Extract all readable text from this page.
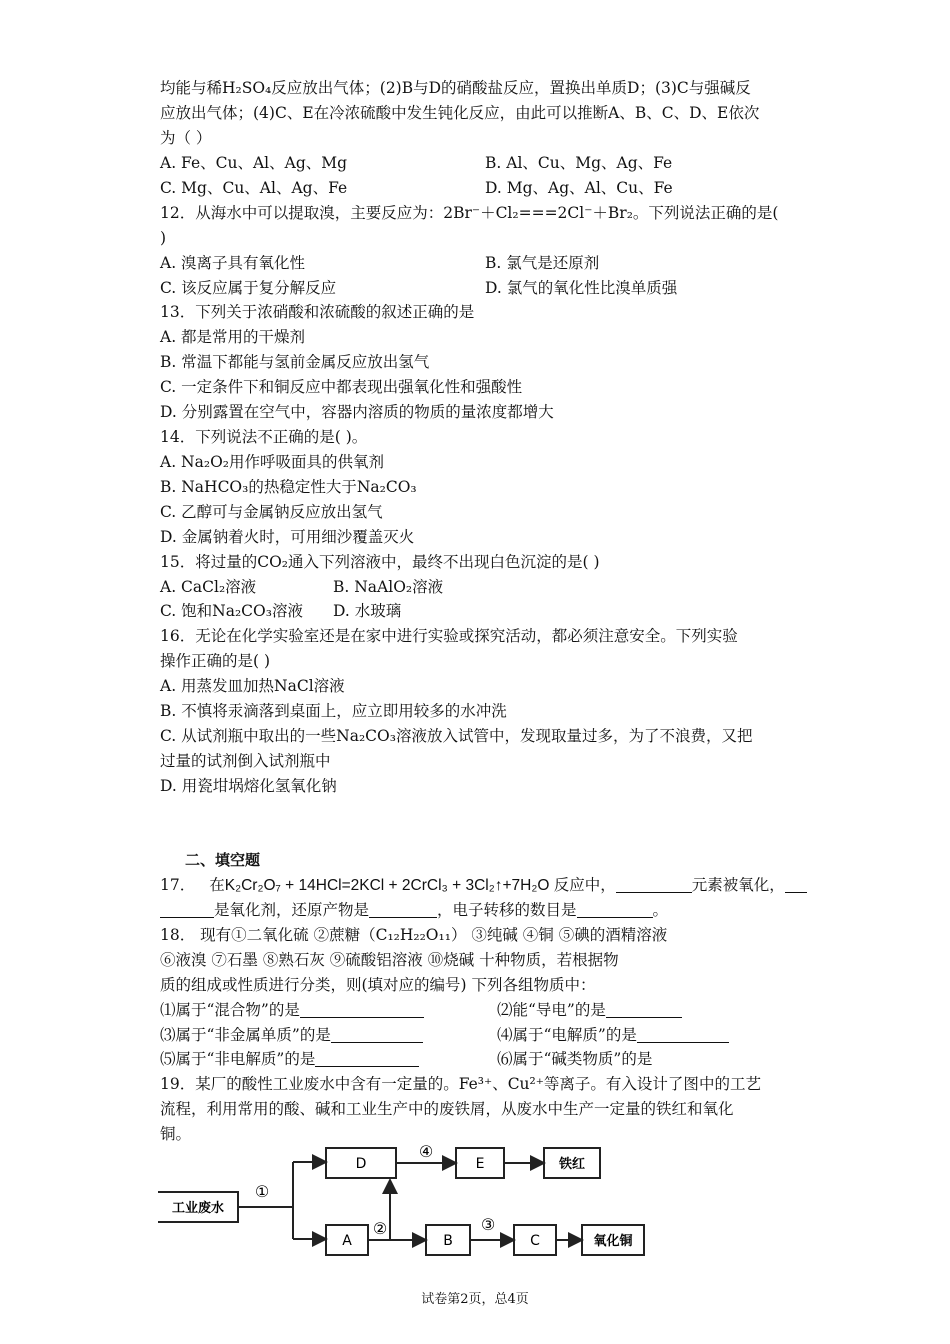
均能与稀H₂SO₄反应放出气体；(2)B与D的硝酸盐反应，置换出单质D；(3)C与强碱反
应放出气体；(4)C、E在冷浓硫酸中发生钝化反应，由此可以推断A、B、C、D、E依次
为（ ）
A. Fe、Cu、Al、Ag、Mg	B. Al、Cu、Mg、Ag、Fe
C. Mg、Cu、Al、Ag、Fe	D. Mg、Ag、Al、Cu、Fe
12．从海水中可以提取溴，主要反应为：2Br⁻＋Cl₂===2Cl⁻＋Br₂。下列说法正确的是(
)
A. 溴离子具有氧化性	B. 氯气是还原剂
C. 该反应属于复分解反应	D. 氯气的氧化性比溴单质强
13．下列关于浓硝酸和浓硫酸的叙述正确的是
A. 都是常用的干燥剂
B. 常温下都能与氢前金属反应放出氢气
C. 一定条件下和铜反应中都表现出强氧化性和强酸性
D. 分别露置在空气中，容器内溶质的物质的量浓度都增大
14．下列说法不正确的是( )。
A. Na₂O₂用作呼吸面具的供氧剂
B. NaHCO₃的热稳定性大于Na₂CO₃
C. 乙醇可与金属钠反应放出氢气
D. 金属钠着火时，可用细沙覆盖灭火
15．将过量的CO₂通入下列溶液中，最终不出现白色沉淀的是( )
A. CaCl₂溶液	B. NaAlO₂溶液
C. 饱和Na₂CO₃溶液 D. 水玻璃
16．无论在化学实验室还是在家中进行实验或探究活动，都必须注意安全。下列实验
操作正确的是( )
A. 用蒸发皿加热NaCl溶液
B. 不慎将汞滴落到桌面上，应立即用较多的水冲洗
C. 从试剂瓶中取出的一些Na₂CO₃溶液放入试管中，发现取量过多，为了不浪费，又把
过量的试剂倒入试剂瓶中
D. 用瓷坩埚熔化氢氧化钠
二、填空题
17． 在K₂Cr₂O₇ + 14HCl=2KCl + 2CrCl₃ + 3Cl₂↑+7H₂O 反应中，	元素被氧化，
是氧化剂，还原产物是	，电子转移的数目是	。
18． 现有①二氧化硫 ②蔗糖（C₁₂H₂₂O₁₁） ③纯碱 ④铜 ⑤碘的酒精溶液
⑥液溴 ⑦石墨 ⑧熟石灰 ⑨硫酸铝溶液 ⑩烧碱 十种物质，若根据物
质的组成或性质进行分类，则(填对应的编号) 下列各组物质中：
⑴属于“混合物”的是	⑵能“导电”的是
⑶属于“非金属单质”的是	⑷属于“电解质”的是
⑸属于“非电解质”的是	⑹属于“碱类物质”的是
19．某厂的酸性工业废水中含有一定量的。Fe³⁺、Cu²⁺等离子。有入设计了图中的工艺
流程，利用常用的酸、碱和工业生产中的废铁屑，从废水中生产一定量的铁红和氧化
铜。
工业废水
①
D
④
E	铁红
A
②
B
③
C	氧化铜
试卷第2页，总4页
